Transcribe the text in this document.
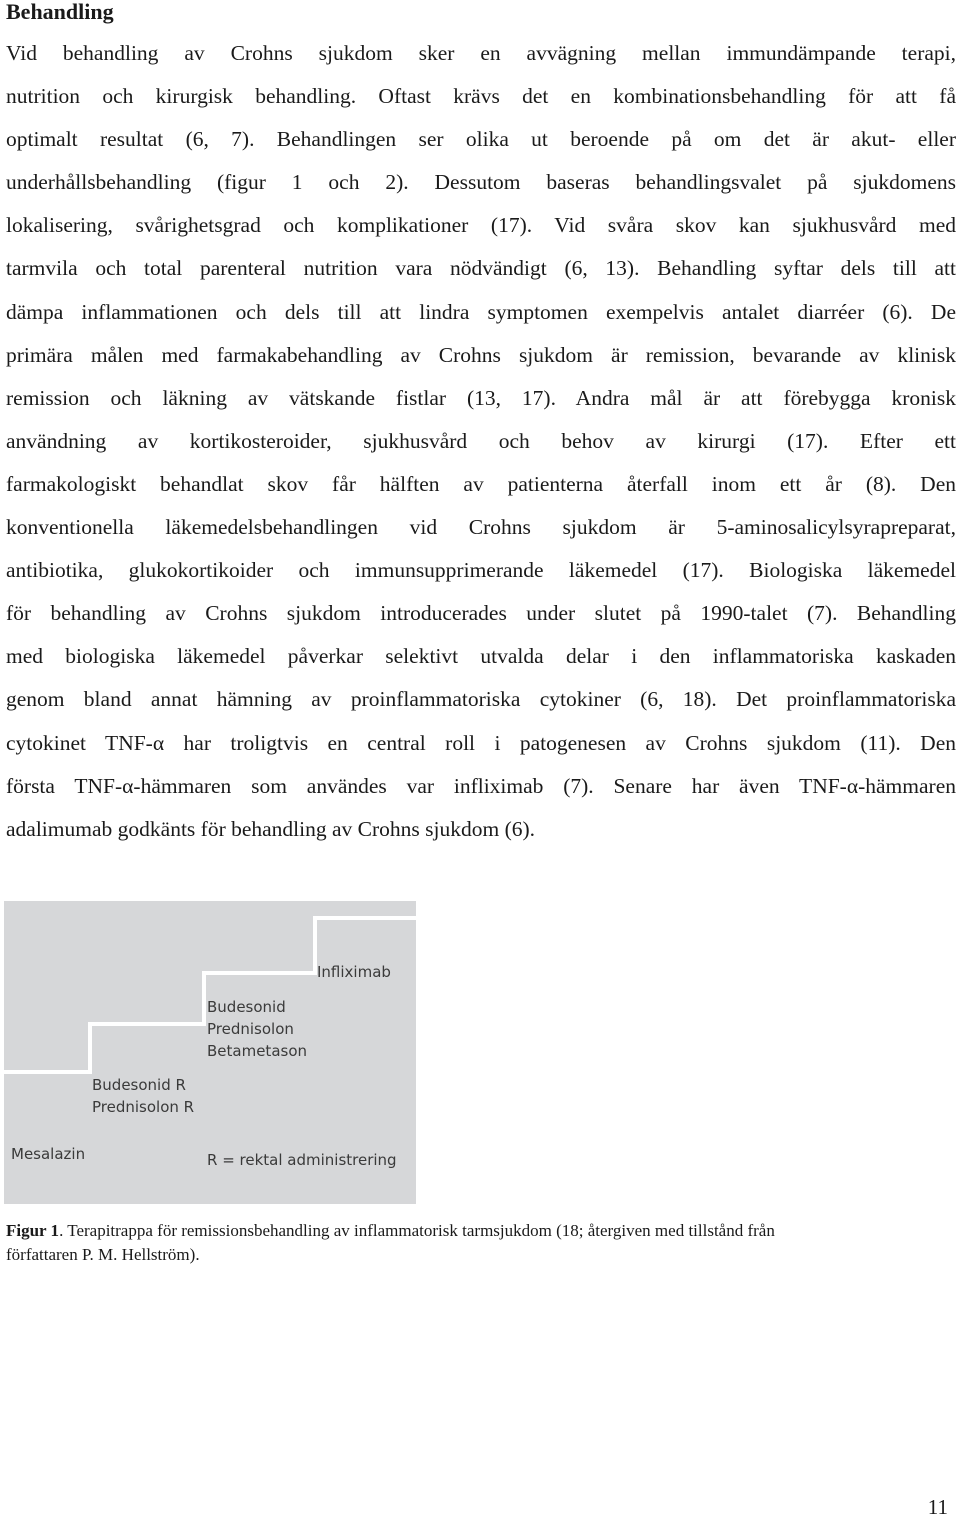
Behandling
Vid behandling av Crohns sjukdom sker en avvägning mellan immundämpande terapi,
nutrition och kirurgisk behandling. Oftast krävs det en kombinationsbehandling för att få
optimalt resultat (6, 7). Behandlingen ser olika ut beroende på om det är akut- eller
underhållsbehandling (figur 1 och 2). Dessutom baseras behandlingsvalet på sjukdomens
lokalisering, svårighetsgrad och komplikationer (17). Vid svåra skov kan sjukhusvård med
tarmvila och total parenteral nutrition vara nödvändigt (6, 13). Behandling syftar dels till att
dämpa inflammationen och dels till att lindra symptomen exempelvis antalet diarréer (6). De
primära målen med farmakabehandling av Crohns sjukdom är remission, bevarande av klinisk
remission och läkning av vätskande fistlar (13, 17). Andra mål är att förebygga kronisk
användning av kortikosteroider, sjukhusvård och behov av kirurgi (17). Efter ett
farmakologiskt behandlat skov får hälften av patienterna återfall inom ett år (8). Den
konventionella läkemedelsbehandlingen vid Crohns sjukdom är 5-aminosalicylsyrapreparat,
antibiotika, glukokortikoider och immunsupprimerande läkemedel (17). Biologiska läkemedel
för behandling av Crohns sjukdom introducerades under slutet på 1990-talet (7). Behandling
med biologiska läkemedel påverkar selektivt utvalda delar i den inflammatoriska kaskaden
genom bland annat hämning av proinflammatoriska cytokiner (6, 18). Det proinflammatoriska
cytokinet TNF-α har troligtvis en central roll i patogenesen av Crohns sjukdom (11). Den
första TNF-α-hämmaren som användes var infliximab (7). Senare har även TNF-α-hämmaren
adalimumab godkänts för behandling av Crohns sjukdom (6).
Mesalazin
Budesonid R
Prednisolon R
Budesonid
Prednisolon
Betametason
Infliximab
R = rektal administrering
Figur 1. Terapitrappa för remissionsbehandling av inflammatorisk tarmsjukdom (18; återgiven med tillstånd från
författaren P. M. Hellström).
11
